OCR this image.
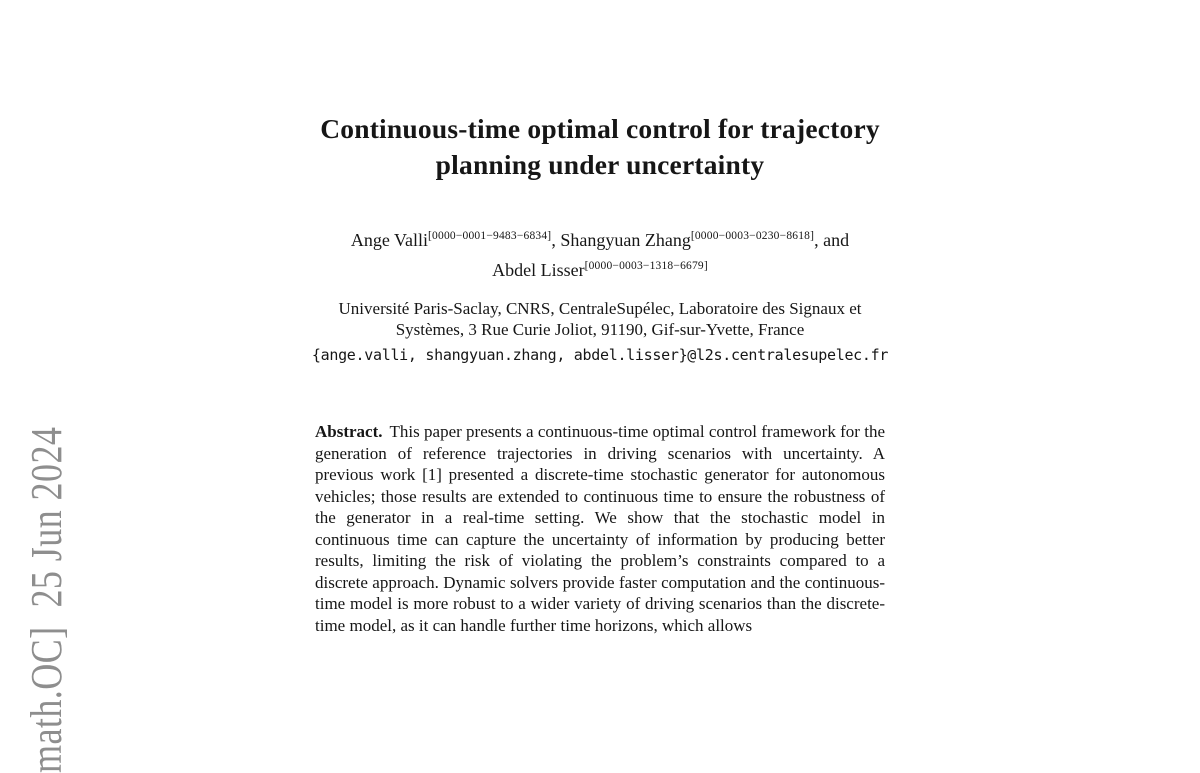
math.OC]  25 Jun 2024
Continuous-time optimal control for trajectory
planning under uncertainty
Ange Valli[0000−0001−9483−6834], Shangyuan Zhang[0000−0003−0230−8618], and
Abdel Lisser[0000−0003−1318−6679]
Université Paris-Saclay, CNRS, CentraleSupélec, Laboratoire des Signaux et
Systèmes, 3 Rue Curie Joliot, 91190, Gif-sur-Yvette, France
{ange.valli, shangyuan.zhang, abdel.lisser}@l2s.centralesupelec.fr
Abstract. This paper presents a continuous-time optimal control framework for the generation of reference trajectories in driving scenarios with uncertainty. A previous work [1] presented a discrete-time stochastic generator for autonomous vehicles; those results are extended to continuous time to ensure the robustness of the generator in a real-time setting. We show that the stochastic model in continuous time can capture the uncertainty of information by producing better results, limiting the risk of violating the problem’s constraints compared to a discrete approach. Dynamic solvers provide faster computation and the continuous-time model is more robust to a wider variety of driving scenarios than the discrete-time model, as it can handle further time horizons, which allows
